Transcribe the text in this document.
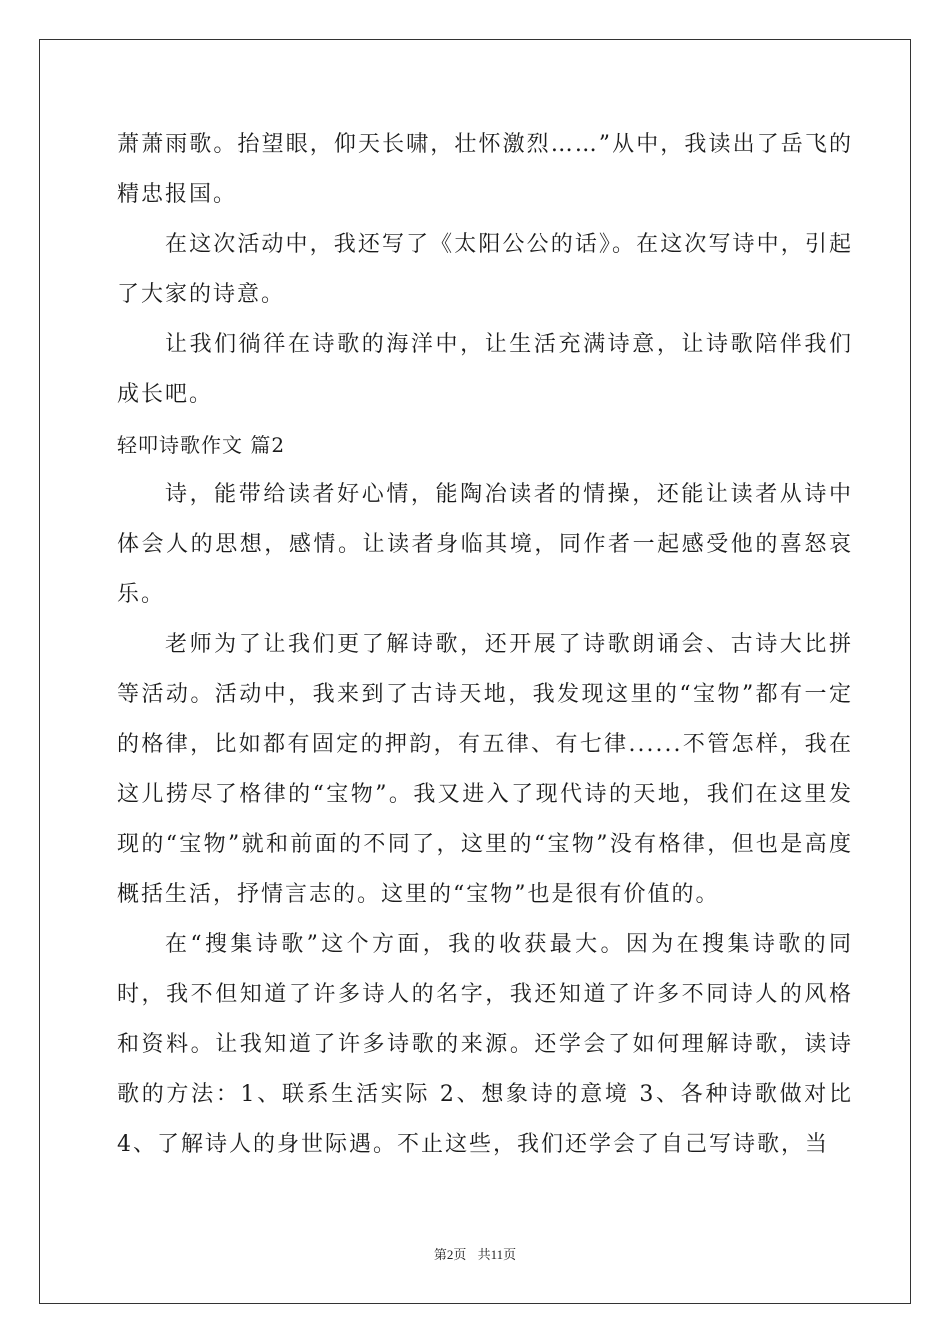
萧萧雨歌。抬望眼，仰天长啸，壮怀激烈……”从中，我读出了岳飞的精忠报国。

在这次活动中，我还写了《太阳公公的话》。在这次写诗中，引起了大家的诗意。

让我们徜徉在诗歌的海洋中，让生活充满诗意，让诗歌陪伴我们成长吧。

轻叩诗歌作文 篇2

诗，能带给读者好心情，能陶冶读者的情操，还能让读者从诗中体会人的思想，感情。让读者身临其境，同作者一起感受他的喜怒哀乐。

老师为了让我们更了解诗歌，还开展了诗歌朗诵会、古诗大比拼等活动。活动中，我来到了古诗天地，我发现这里的“宝物”都有一定的格律，比如都有固定的押韵，有五律、有七律......不管怎样，我在这儿捞尽了格律的“宝物”。我又进入了现代诗的天地，我们在这里发现的“宝物”就和前面的不同了，这里的“宝物”没有格律，但也是高度概括生活，抒情言志的。这里的“宝物”也是很有价值的。

在“搜集诗歌”这个方面，我的收获最大。因为在搜集诗歌的同时，我不但知道了许多诗人的名字，我还知道了许多不同诗人的风格和资料。让我知道了许多诗歌的来源。还学会了如何理解诗歌，读诗歌的方法：1、联系生活实际 2、想象诗的意境 3、各种诗歌做对比 4、了解诗人的身世际遇。不止这些，我们还学会了自己写诗歌，当

第2页 共11页
